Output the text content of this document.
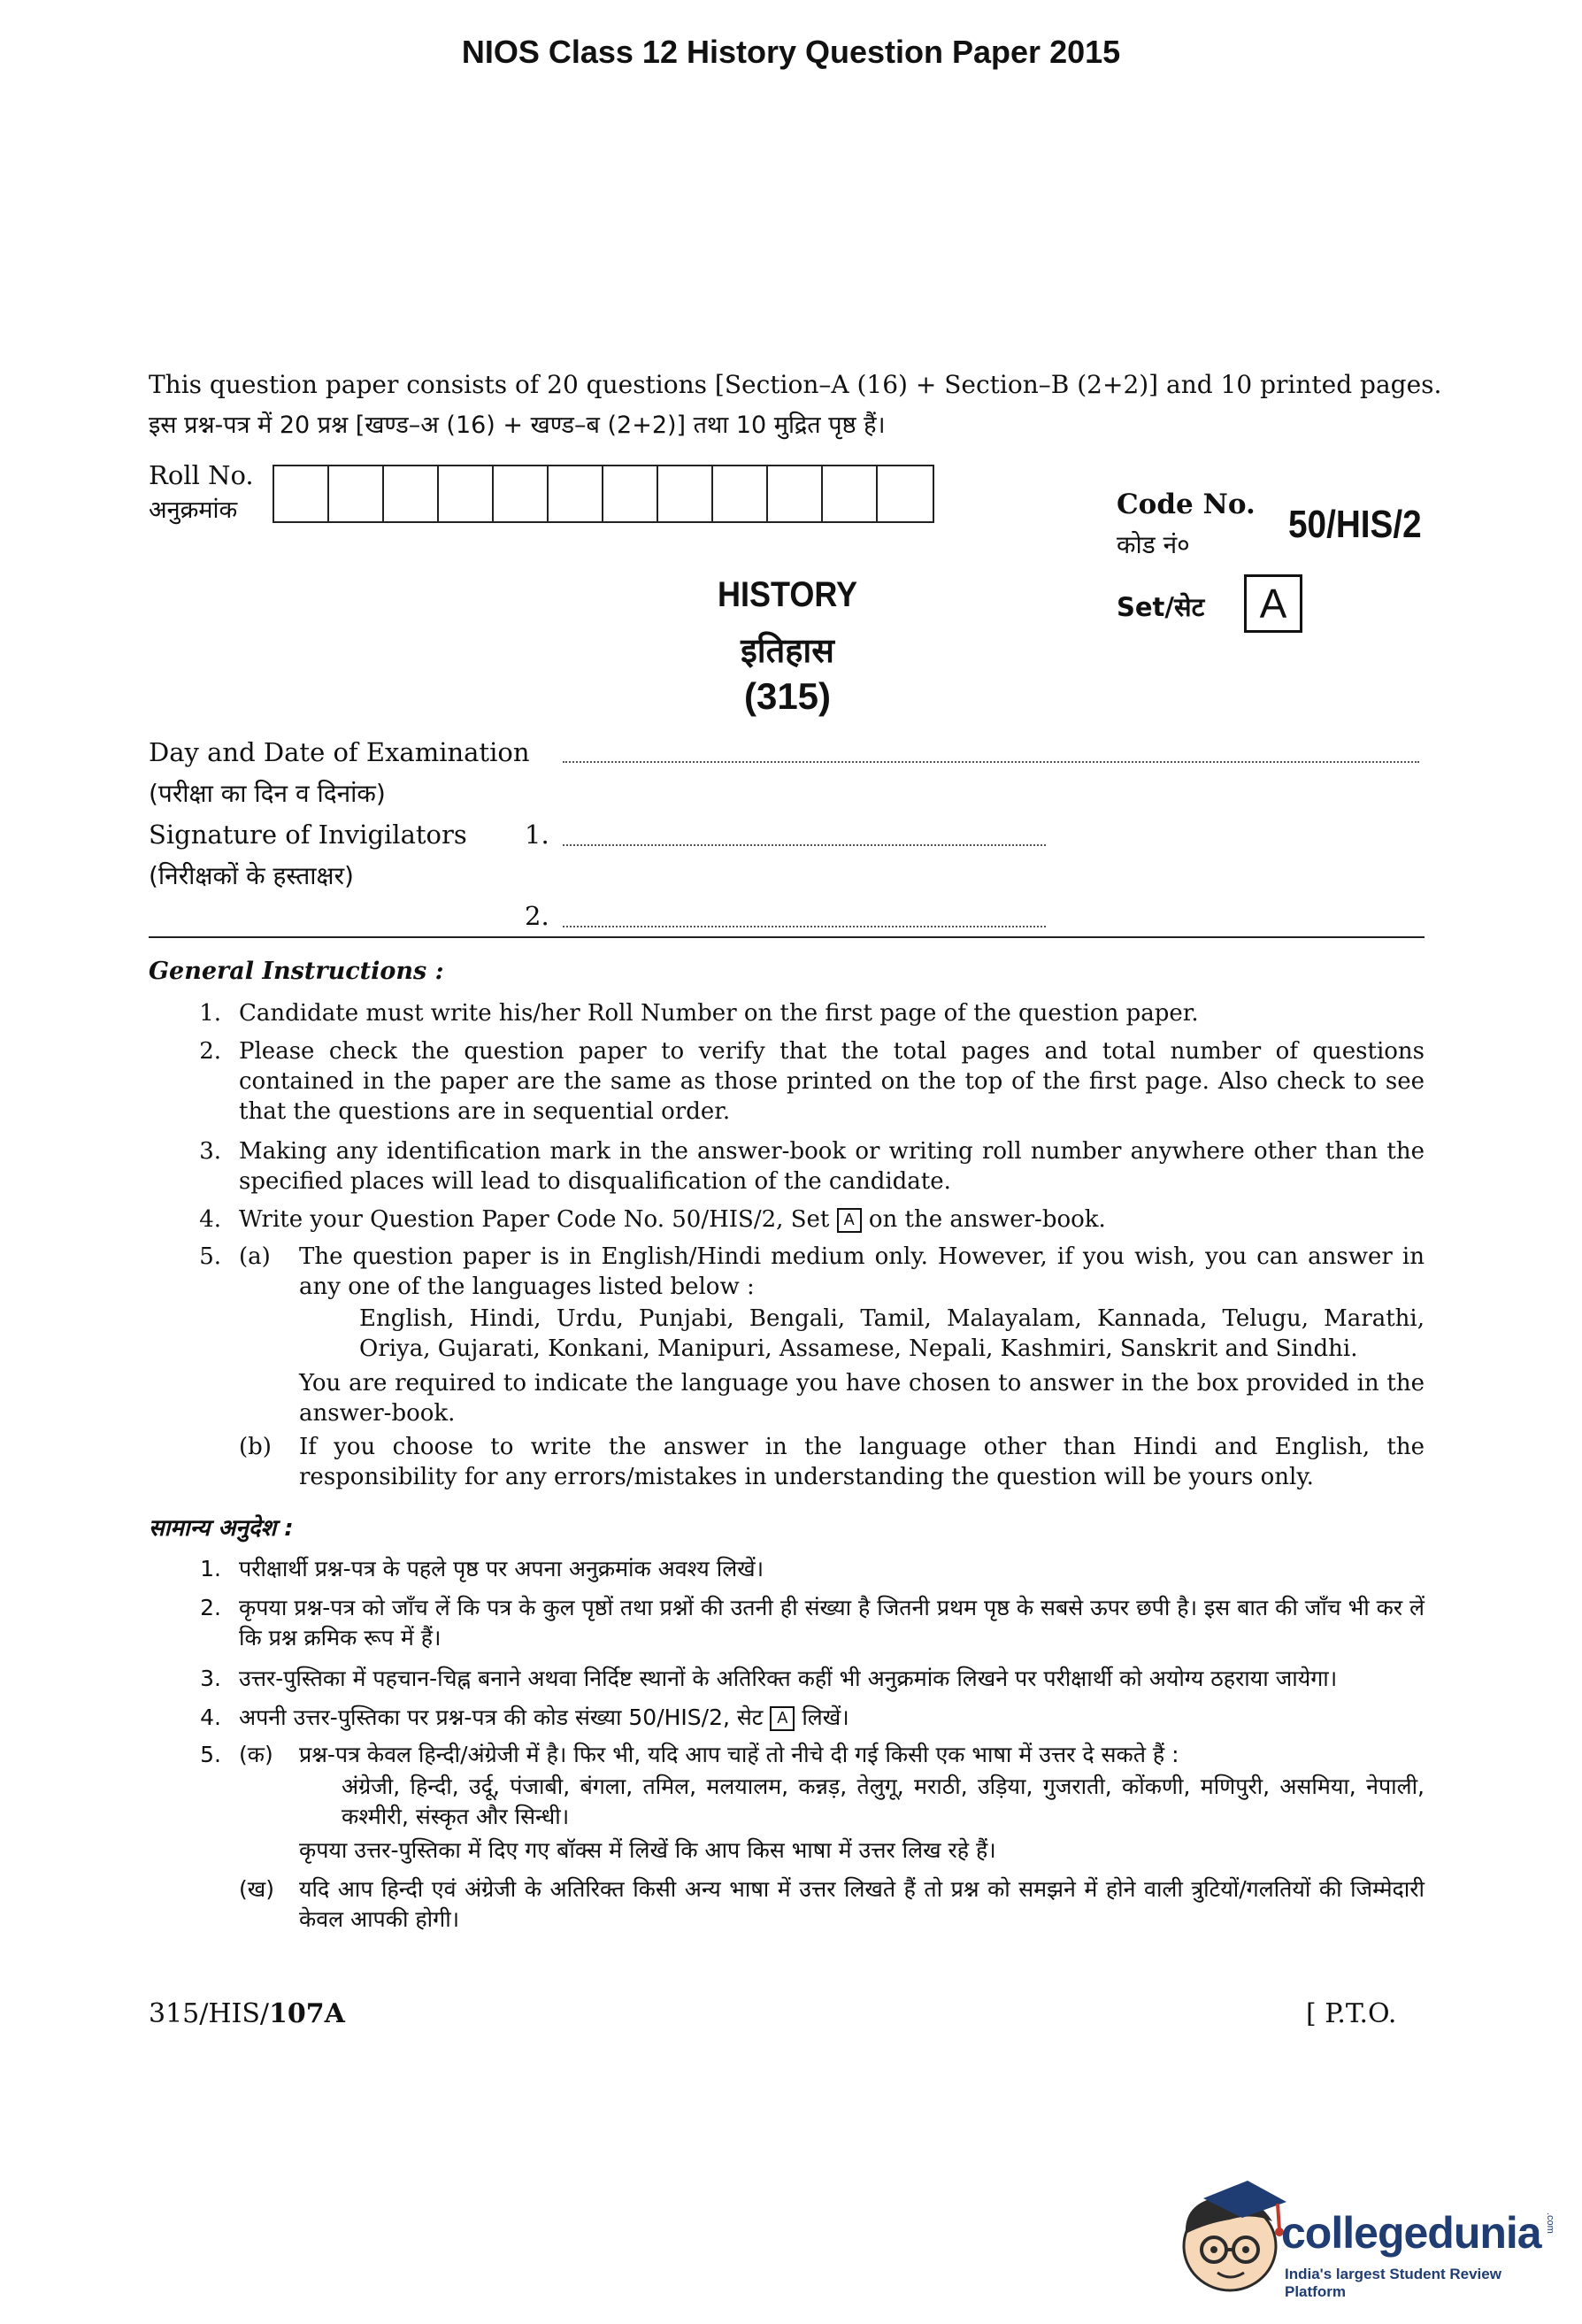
NIOS Class 12 History Question Paper 2015
This question paper consists of 20 questions [Section–A (16) + Section–B (2+2)] and 10 printed pages.
इस प्रश्न-पत्र में 20 प्रश्न [खण्ड–अ (16) + खण्ड–ब (2+2)] तथा 10 मुद्रित पृष्ठ हैं।
Roll No.
अनुक्रमांक	Code No.
कोड नं०	50/HIS/2
Set/सेट	A
HISTORY
इतिहास
(315)
Day and Date of Examination
(परीक्षा का दिन व दिनांक)
Signature of Invigilators 1.
(निरीक्षकों के हस्ताक्षर)
2.
General Instructions :
1. Candidate must write his/her Roll Number on the first page of the question paper.
2. Please check the question paper to verify that the total pages and total number of questions contained in the paper are the same as those printed on the top of the first page. Also check to see that the questions are in sequential order.
3. Making any identification mark in the answer-book or writing roll number anywhere other than the specified places will lead to disqualification of the candidate.
4. Write your Question Paper Code No. 50/HIS/2, Set A on the answer-book.
5. (a) The question paper is in English/Hindi medium only. However, if you wish, you can answer in any one of the languages listed below :
English, Hindi, Urdu, Punjabi, Bengali, Tamil, Malayalam, Kannada, Telugu, Marathi, Oriya, Gujarati, Konkani, Manipuri, Assamese, Nepali, Kashmiri, Sanskrit and Sindhi.
You are required to indicate the language you have chosen to answer in the box provided in the answer-book.
(b) If you choose to write the answer in the language other than Hindi and English, the responsibility for any errors/mistakes in understanding the question will be yours only.
सामान्य अनुदेश :
1. परीक्षार्थी प्रश्न-पत्र के पहले पृष्ठ पर अपना अनुक्रमांक अवश्य लिखें।
2. कृपया प्रश्न-पत्र को जाँच लें कि पत्र के कुल पृष्ठों तथा प्रश्नों की उतनी ही संख्या है जितनी प्रथम पृष्ठ के सबसे ऊपर छपी है। इस बात की जाँच भी कर लें कि प्रश्न क्रमिक रूप में हैं।
3. उत्तर-पुस्तिका में पहचान-चिह्न बनाने अथवा निर्दिष्ट स्थानों के अतिरिक्त कहीं भी अनुक्रमांक लिखने पर परीक्षार्थी को अयोग्य ठहराया जायेगा।
4. अपनी उत्तर-पुस्तिका पर प्रश्न-पत्र की कोड संख्या 50/HIS/2, सेट A लिखें।
5. (क) प्रश्न-पत्र केवल हिन्दी/अंग्रेजी में है। फिर भी, यदि आप चाहें तो नीचे दी गई किसी एक भाषा में उत्तर दे सकते हैं :
अंग्रेजी, हिन्दी, उर्दू, पंजाबी, बंगला, तमिल, मलयालम, कन्नड़, तेलुगू, मराठी, उड़िया, गुजराती, कोंकणी, मणिपुरी, असमिया, नेपाली, कश्मीरी, संस्कृत और सिन्धी।
कृपया उत्तर-पुस्तिका में दिए गए बॉक्स में लिखें कि आप किस भाषा में उत्तर लिख रहे हैं।
(ख) यदि आप हिन्दी एवं अंग्रेजी के अतिरिक्त किसी अन्य भाषा में उत्तर लिखते हैं तो प्रश्न को समझने में होने वाली त्रुटियों/गलतियों की जिम्मेदारी केवल आपकी होगी।
315/HIS/107A	[ P.T.O.
collegedunia .com
India's largest Student Review Platform
